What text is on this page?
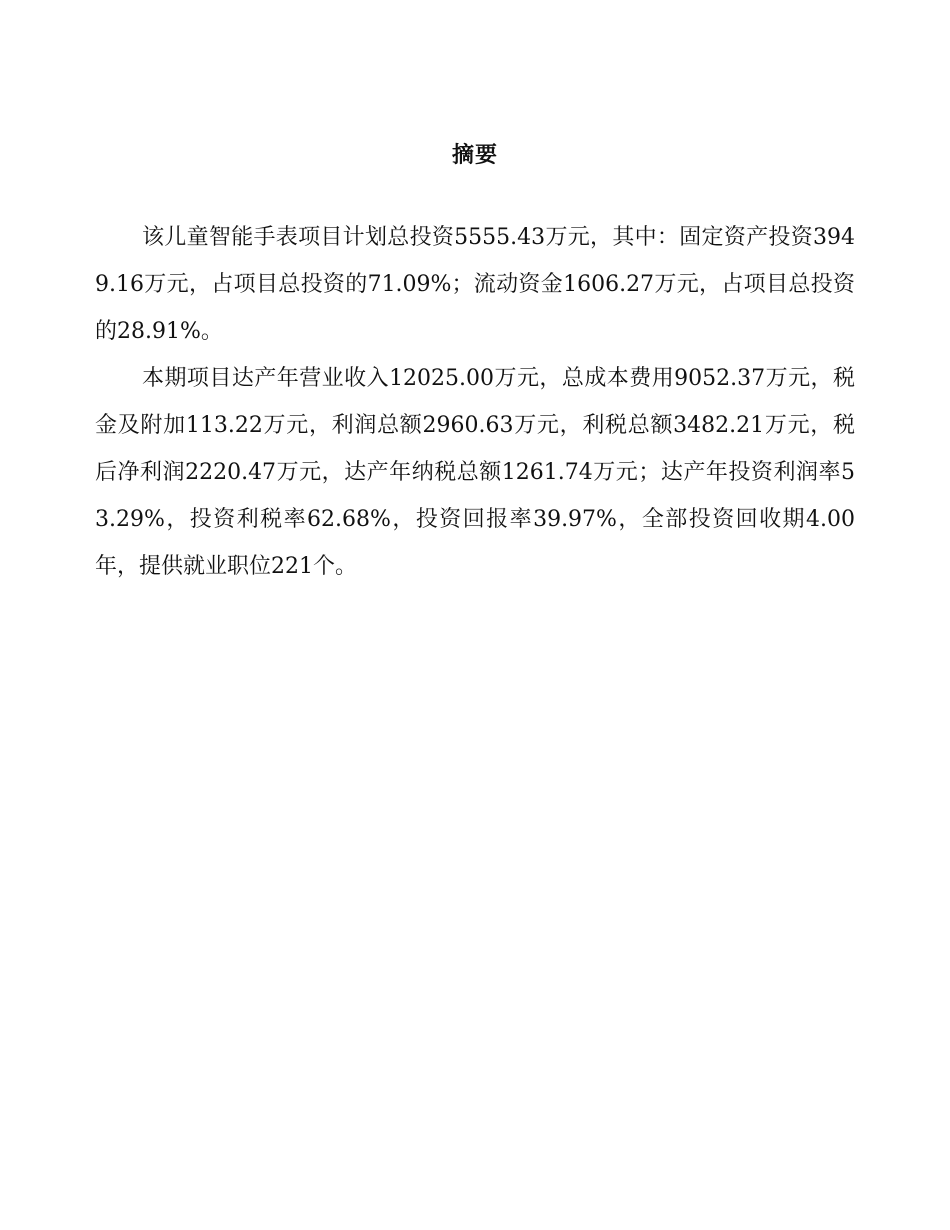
摘要

该儿童智能手表项目计划总投资5555.43万元，其中：固定资产投资3949.16万元，占项目总投资的71.09%；流动资金1606.27万元，占项目总投资的28.91%。

本期项目达产年营业收入12025.00万元，总成本费用9052.37万元，税金及附加113.22万元，利润总额2960.63万元，利税总额3482.21万元，税后净利润2220.47万元，达产年纳税总额1261.74万元；达产年投资利润率53.29%，投资利税率62.68%，投资回报率39.97%，全部投资回收期4.00年，提供就业职位221个。
